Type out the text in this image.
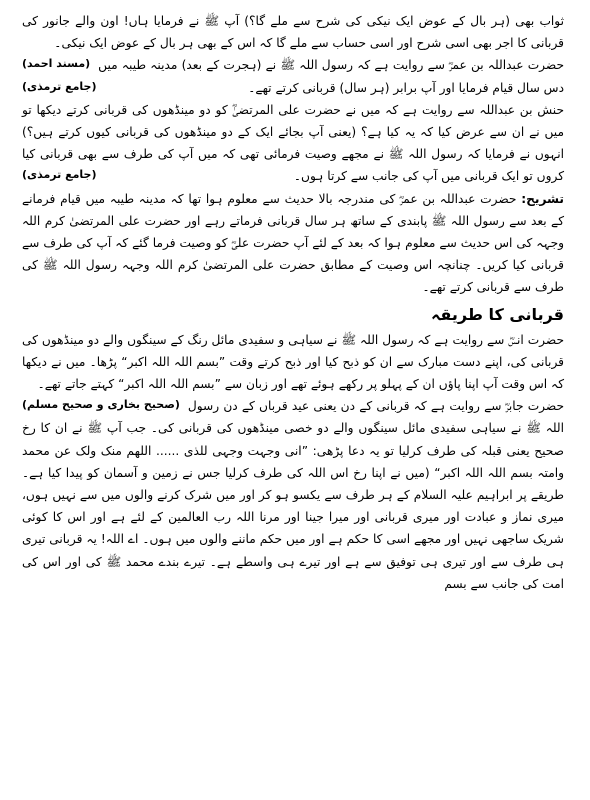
ثواب بھی (ہر بال کے عوض ایک نیکی کی شرح سے ملے گا؟) آپ ﷺ نے فرمایا ہاں! اون والے جانور کی قربانی کا اجر بھی اسی شرح اور اسی حساب سے ملے گا کہ اس کے بھی ہر بال کے عوض ایک نیکی۔
(مسند احمد) حضرت عبداللہ بن عمرؓ سے روایت ہے کہ رسول اللہ ﷺ نے (ہجرت کے بعد) مدینہ طیبہ میں دس سال قیام فرمایا اور آپ برابر (ہر سال) قربانی کرتے تھے۔
(جامع ترمذی)

حنش بن عبداللہ سے روایت ہے کہ میں نے حضرت علی المرتضیٰؓ کو دو مینڈھوں کی قربانی کرتے دیکھا تو میں نے ان سے عرض کیا کہ یہ کیا ہے؟ (یعنی آپ بجائے ایک کے دو مینڈھوں کی قربانی کیوں کرتے ہیں؟) انہوں نے فرمایا کہ رسول اللہ ﷺ نے مجھے وصیت فرمائی تھی کہ میں آپ کی طرف سے بھی قربانی کیا کروں تو ایک قربانی میں آپ کی جانب سے کرتا ہوں۔
(جامع ترمذی)

تشریح: حضرت عبداللہ بن عمرؓ کی مندرجہ بالا حدیث سے معلوم ہوا تھا کہ مدینہ طیبہ میں قیام فرمانے کے بعد سے رسول اللہ ﷺ پابندی کے ساتھ ہر سال قربانی فرماتے رہے اور حضرت علی المرتضیٰ کرم اللہ وجہہ کی اس حدیث سے معلوم ہوا کہ بعد کے لئے آپ حضرت علیؓ کو وصیت فرما گئے کہ آپ کی طرف سے قربانی کیا کریں۔ چنانچہ اس وصیت کے مطابق حضرت علی المرتضیٰ کرم اللہ وجہہ رسول اللہ ﷺ کی طرف سے قربانی کرتے تھے۔

قربانی کا طریقہ

حضرت انسؓ سے روایت ہے کہ رسول اللہ ﷺ نے سیاہی و سفیدی مائل رنگ کے سینگوں والے دو مینڈھوں کی قربانی کی، اپنے دست مبارک سے ان کو ذبح کیا اور ذبح کرتے وقت ”بسم اللہ اللہ اکبر“ پڑھا۔ میں نے دیکھا کہ اس وقت آپ اپنا پاؤں ان کے پہلو پر رکھے ہوئے تھے اور زبان سے ”بسم اللہ اللہ اکبر“ کہتے جاتے تھے۔
(صحیح بخاری و صحیح مسلم) حضرت جابرؓ سے روایت ہے کہ قربانی کے دن یعنی عید قرباں کے دن رسول اللہ ﷺ نے سیاہی سفیدی مائل سینگوں والے دو خصی مینڈھوں کی قربانی کی۔ جب آپ ﷺ نے ان کا رخ صحیح یعنی قبلہ کی طرف کرلیا تو یہ دعا پڑھی: ”انی وجہت وجہی للذی ...... اللھم منک ولک عن محمد وامتہ بسم اللہ اللہ اکبر“ (میں نے اپنا رخ اس اللہ کی طرف کرلیا جس نے زمین و آسمان کو پیدا کیا ہے۔ طریقے پر ابراہیم علیہ السلام کے ہر طرف سے یکسو ہو کر اور میں شرک کرنے والوں میں سے نہیں ہوں، میری نماز و عبادت اور میری قربانی اور میرا جینا اور مرنا اللہ رب العالمین کے لئے ہے اور اس کا کوئی شریک ساجھی نہیں اور مجھے اسی کا حکم ہے اور میں حکم ماننے والوں میں ہوں۔ اے اللہ! یہ قربانی تیری ہی طرف سے اور تیری ہی توفیق سے ہے اور تیرے ہی واسطے ہے۔ تیرے بندے محمد ﷺ کی اور اس کی امت کی جانب سے بسم
